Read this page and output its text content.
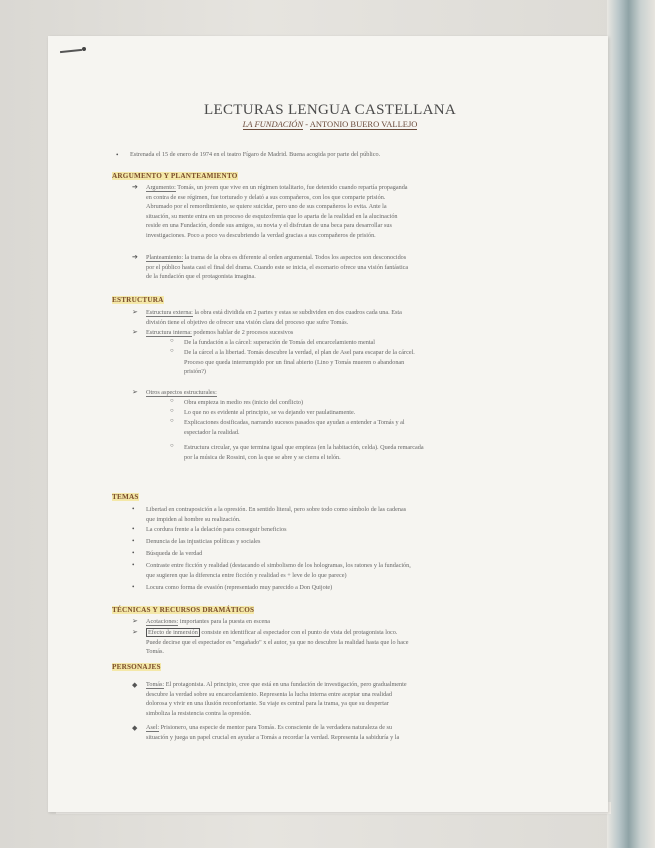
LECTURAS LENGUA CASTELLANA
LA FUNDACIÓN - ANTONIO BUERO VALLEJO
• Estrenada el 15 de enero de 1974 en el teatro Fígaro de Madrid. Buena acogida por parte del público.
ARGUMENTO Y PLANTEAMIENTO
➔ Argumento: Tomás, un joven que vive en un régimen totalitario, fue detenido cuando repartía propaganda
en contra de ese régimen, fue torturado y delató a sus compañeros, con los que comparte prisión.
Abrumado por el remordimiento, se quiere suicidar, pero uno de sus compañeros lo evita. Ante la
situación, su mente entra en un proceso de esquizofrenia que lo aparta de la realidad en la alucinación
reside en una Fundación, donde sus amigos, su novia y el disfrutan de una beca para desarrollar sus
investigaciones. Poco a poco va descubriendo la verdad gracias a sus compañeros de prisión.
➔ Planteamiento: la trama de la obra es diferente al orden argumental. Todos los aspectos son desconocidos
por el público hasta casi el final del drama. Cuando este se inicia, el escenario ofrece una visión fantástica
de la fundación que el protagonista imagina.
ESTRUCTURA
➢ Estructura externa: la obra está dividida en 2 partes y estas se subdividen en dos cuadros cada una. Esta
división tiene el objetivo de ofrecer una visión clara del proceso que sufre Tomás.
➢ Estructura interna: podemos hablar de 2 procesos sucesivos
○ De la fundación a la cárcel: superación de Tomás del encarcelamiento mental
○ De la cárcel a la libertad. Tomás descubre la verdad, el plan de Asel para escapar de la cárcel.
Proceso que queda interrumpido por un final abierto (Lino y Tomás mueren o abandonan
prisión?)
➢ Otros aspectos estructurales:
○ Obra empieza in medio res (inicio del conflicto)
○ Lo que no es evidente al principio, se va dejando ver paulatinamente.
○ Explicaciones dosificadas, narrando sucesos pasados que ayudan a entender a Tomás y al
espectador la realidad.
○ Estructura circular, ya que termina igual que empieza (en la habitación, celda). Queda remarcada
por la música de Rossini, con la que se abre y se cierra el telón.
TEMAS
• Libertad en contraposición a la opresión. En sentido literal, pero sobre todo como símbolo de las cadenas
que impiden al hombre su realización.
• La cordura frente a la delación para conseguir beneficios
• Denuncia de las injusticias políticas y sociales
• Búsqueda de la verdad
• Contraste entre ficción y realidad (destacando el simbolismo de los hologramas, los ratones y la fundación,
que sugieren que la diferencia entre ficción y realidad es + leve de lo que parece)
• Locura como forma de evasión (representado muy parecido a Don Quijote)
TÉCNICAS Y RECURSOS DRAMÁTICOS
➢ Acotaciones: importantes para la puesta en escena
➢	Efecto de inmersión consiste en identificar al espectador con el punto de vista del protagonista loco.
Puede decirse que el espectador es "engañado" x el autor, ya que no descubre la realidad hasta que lo hace
Tomás.
PERSONAJES
◆ Tomás: El protagonista. Al principio, cree que está en una fundación de investigación, pero gradualmente
descubre la verdad sobre su encarcelamiento. Representa la lucha interna entre aceptar una realidad
dolorosa y vivir en una ilusión reconfortante. Su viaje es central para la trama, ya que su despertar
simboliza la resistencia contra la opresión.
◆ Asel: Prisionero, una especie de mentor para Tomás. Es consciente de la verdadera naturaleza de su
situación y juega un papel crucial en ayudar a Tomás a recordar la verdad. Representa la sabiduría y la
